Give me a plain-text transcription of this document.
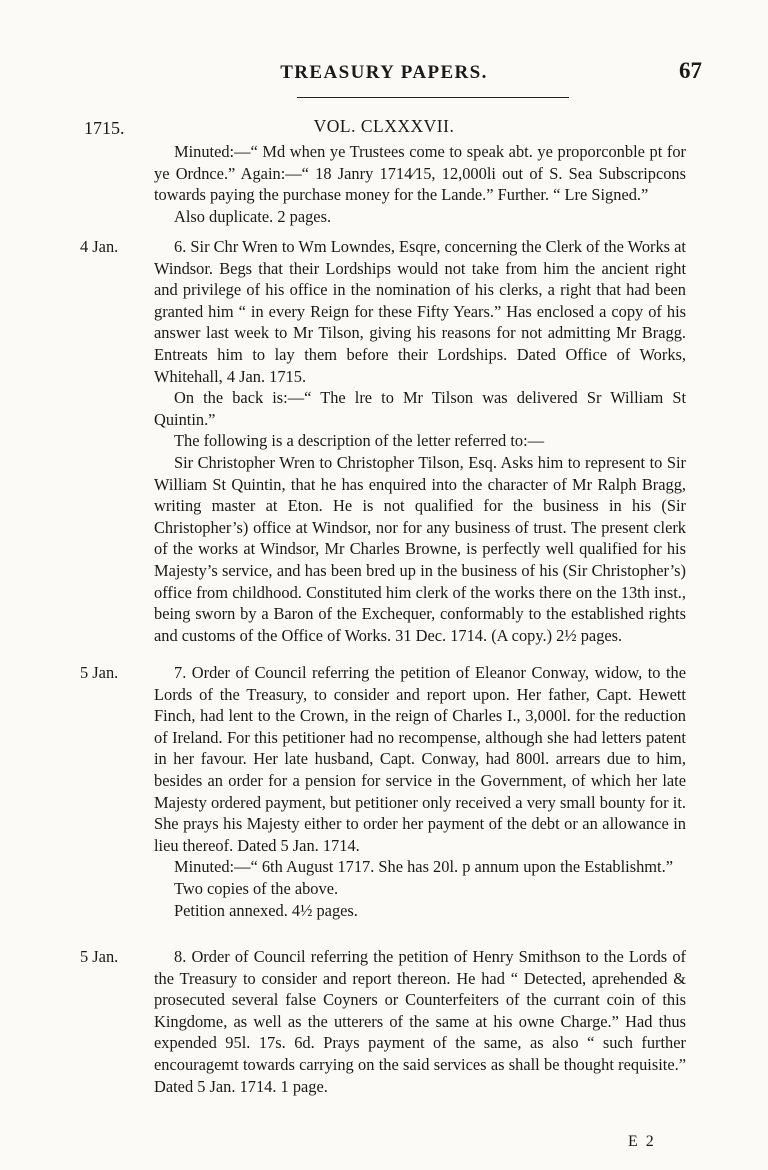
TREASURY PAPERS.	67
1715.	VOL. CLXXXVII.

Minuted:—“ Md when ye Trustees come to speak abt. ye proporconble pt for ye Ordnce.” Again:—“ 18 Janry 1714⁄15, 12,000li out of S. Sea Subscripcons towards paying the purchase money for the Lande.” Further. “ Lre Signed.”

Also duplicate. 2 pages.

4 Jan.	6. Sir Chr Wren to Wm Lowndes, Esqre, concerning the Clerk of the Works at Windsor. Begs that their Lordships would not take from him the ancient right and privilege of his office in the nomination of his clerks, a right that had been granted him “ in every Reign for these Fifty Years.” Has enclosed a copy of his answer last week to Mr Tilson, giving his reasons for not admitting Mr Bragg. Entreats him to lay them before their Lordships. Dated Office of Works, Whitehall, 4 Jan. 1715.

On the back is:—“ The lre to Mr Tilson was delivered Sr William St Quintin.”

The following is a description of the letter referred to:—

Sir Christopher Wren to Christopher Tilson, Esq. Asks him to represent to Sir William St Quintin, that he has enquired into the character of Mr Ralph Bragg, writing master at Eton. He is not qualified for the business in his (Sir Christopher’s) office at Windsor, nor for any business of trust. The present clerk of the works at Windsor, Mr Charles Browne, is perfectly well qualified for his Majesty’s service, and has been bred up in the business of his (Sir Christopher’s) office from childhood. Constituted him clerk of the works there on the 13th inst., being sworn by a Baron of the Exchequer, conformably to the established rights and customs of the Office of Works. 31 Dec. 1714. (A copy.) 2½ pages.

5 Jan.	7. Order of Council referring the petition of Eleanor Conway, widow, to the Lords of the Treasury, to consider and report upon. Her father, Capt. Hewett Finch, had lent to the Crown, in the reign of Charles I., 3,000l. for the reduction of Ireland. For this petitioner had no recompense, although she had letters patent in her favour. Her late husband, Capt. Conway, had 800l. arrears due to him, besides an order for a pension for service in the Government, of which her late Majesty ordered payment, but petitioner only received a very small bounty for it. She prays his Majesty either to order her payment of the debt or an allowance in lieu thereof. Dated 5 Jan. 1714.

Minuted:—“ 6th August 1717. She has 20l. p annum upon the Establishmt.”

Two copies of the above.

Petition annexed. 4½ pages.

5 Jan.	8. Order of Council referring the petition of Henry Smithson to the Lords of the Treasury to consider and report thereon. He had “ Detected, aprehended & prosecuted several false Coyners or Counterfeiters of the currant coin of this Kingdome, as well as the utterers of the same at his owne Charge.” Had thus expended 95l. 17s. 6d. Prays payment of the same, as also “ such further encouragemt towards carrying on the said services as shall be thought requisite.” Dated 5 Jan. 1714. 1 page.

E 2
